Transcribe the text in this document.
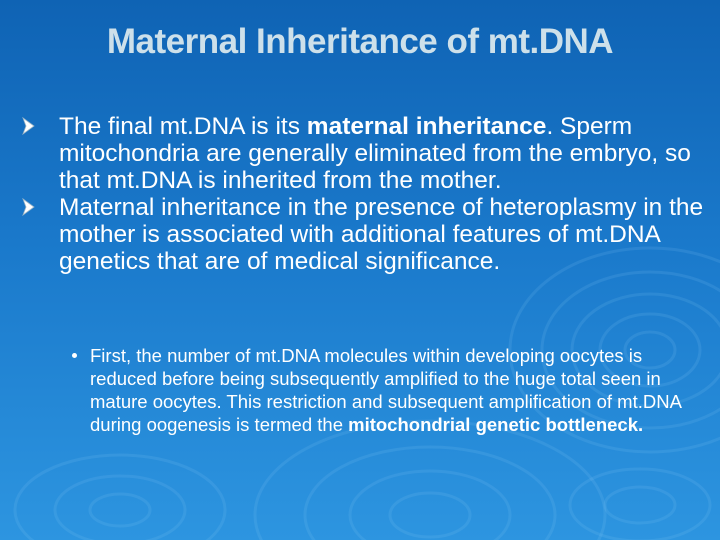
Maternal Inheritance of mt.DNA
The final mt.DNA is its maternal inheritance. Sperm mitochondria are generally eliminated from the embryo, so that mt.DNA is inherited from the mother.
Maternal inheritance in the presence of heteroplasmy in the mother is associated with additional features of mt.DNA genetics that are of medical significance.
First, the number of mt.DNA molecules within developing oocytes is reduced before being subsequently amplified to the huge total seen in mature oocytes. This restriction and subsequent amplification of mt.DNA during oogenesis is termed the mitochondrial genetic bottleneck.
